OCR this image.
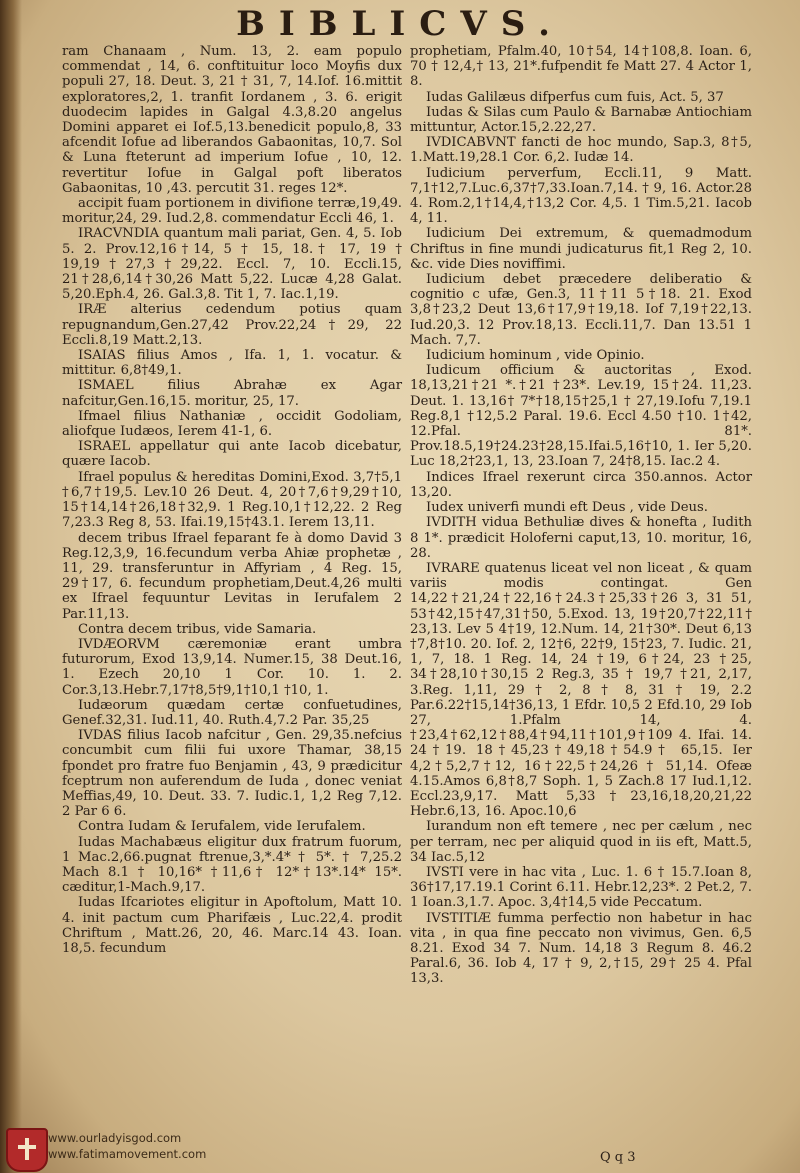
BIBLICVS.

ram Chanaam , Num. 13, 2. eam populo commendat , 14, 6. conftituitur loco Moyfis dux populi 27, 18. Deut. 3, 21 † 31, 7, 14.Iof. 16.mittit exploratores,2, 1. tranfit Iordanem , 3. 6. erigit duodecim lapides in Galgal 4.3,8.20 angelus Domini apparet ei Iof.5,13.benedicit populo,8, 33 afcendit Iofue ad liberandos Gabaonitas, 10,7. Sol & Luna fteterunt ad imperium Iofue , 10, 12. revertitur Iofue in Galgal poft liberatos Gabaonitas, 10 ,43. percutit 31. reges 12*.

accipit fuam portionem in divifione terræ,19,49. moritur,24, 29. Iud.2,8. commendatur Eccli 46, 1.

IRACVNDIA quantum mali pariat, Gen. 4, 5. Iob 5. 2. Prov.12,16†14, 5 † 15, 18.† 17, 19 † 19,19†27,3†29,22. Eccl. 7, 10. Eccli.15, 21†28,6,14†30,26 Matt 5,22. Lucæ 4,28 Galat. 5,20.Eph.4, 26. Gal.3,8. Tit 1, 7. Iac.1,19.

IRÆ alterius cedendum potius quam repugnandum,Gen.27,42 Prov.22,24†29, 22 Eccli.8,19 Matt.2,13.

ISAIAS filius Amos , Ifa. 1, 1. vocatur. & mittitur. 6,8†49,1.

ISMAEL filius Abrahæ ex Agar nafcitur,Gen.16,15. moritur, 25, 17.

Ifmael filius Nathaniæ , occidit Godoliam, aliofque Iudæos, Ierem 41-1, 6.

ISRAEL appellatur qui ante Iacob dicebatur, quære Iacob.

Ifrael populus & hereditas Domini,Exod. 3,7†5,1 †6,7†19,5. Lev.10 26 Deut. 4, 20†7,6†9,29†10, 15†14,14†26,18†32,9. 1 Reg.10,1†12,22. 2 Reg 7,23.3 Reg 8, 53. Ifai.19,15†43.1. Ierem 13,11.

decem tribus Ifrael feparant fe à domo David 3 Reg.12,3,9, 16.fecundum verba Ahiæ prophetæ , 11, 29. transferuntur in Affyriam , 4 Reg. 15, 29†17, 6. fecundum prophetiam,Deut.4,26 multi ex Ifrael fequuntur Levitas in Ierufalem 2 Par.11,13.

Contra decem tribus, vide Samaria.

IVDÆORVM cæremoniæ erant umbra futurorum, Exod 13,9,14. Numer.15, 38 Deut.16, 1. Ezech 20,10 1 Cor. 10. 1. 2. Cor.3,13.Hebr.7,17†8,5†9,1†10,1 †10, 1.

Iudæorum quædam certæ confuetudines, Genef.32,31. Iud.11, 40. Ruth.4,7.2 Par. 35,25

IVDAS filius Iacob nafcitur , Gen. 29,35.nefcius concumbit cum filii fui uxore Thamar, 38,15 fpondet pro fratre fuo Benjamin , 43, 9 prædicitur fceptrum non auferendum de Iuda , donec veniat Meffias,49, 10. Deut. 33. 7. Iudic.1, 1,2 Reg 7,12. 2 Par 6 6.

Contra Iudam & Ierufalem, vide Ierufalem.

Iudas Machabæus eligitur dux fratrum fuorum, 1 Mac.2,66.pugnat ftrenue,3,*.4* † 5*. † 7,25.2 Mach 8.1 † 10,16* †11,6† 12*†13*.14* 15*. cæditur,1-Mach.9,17.

Iudas Ifcariotes eligitur in Apoftolum, Matt 10. 4. init pactum cum Pharifæis , Luc.22,4. prodit Chriftum , Matt.26, 20, 46. Marc.14 43. Ioan. 18,5. fecundum

prophetiam, Pfalm.40, 10†54, 14†108,8. Ioan. 6, 70 † 12,4,† 13, 21*.fufpendit fe Matt 27. 4 Actor 1, 8.

Iudas Galilæus difperfus cum fuis, Act. 5, 37

Iudas & Silas cum Paulo & Barnabæ Antiochiam mittuntur, Actor.15,2.22,27.

IVDICABVNT fancti de hoc mundo, Sap.3, 8†5, 1.Matt.19,28.1 Cor. 6,2. Iudæ 14.

Iudicium perverfum, Eccli.11, 9 Matt. 7,1†12,7.Luc.6,37†7,33.Ioan.7,14. † 9, 16. Actor.28 4. Rom.2,1†14,4,†13,2 Cor. 4,5. 1 Tim.5,21. Iacob 4, 11.

Iudicium Dei extremum, & quemadmodum Chriftus in fine mundi judicaturus fit,1 Reg 2, 10. &c. vide Dies noviffimi.

Iudicium debet præcedere deliberatio & cognitio c ufæ, Gen.3, 11†11 5†18. 21. Exod 3,8†23,2 Deut 13,6†17,9†19,18. Iof 7,19†22,13. Iud.20,3. 12 Prov.18,13. Eccli.11,7. Dan 13.51 1 Mach. 7,7.

Iudicium hominum , vide Opinio.

Iudicum officium & auctoritas , Exod. 18,13,21†21 *.†21 †23*. Lev.19, 15†24. 11,23. Deut. 1. 13,16† 7*†18,15†25,1 † 27,19.Iofu 7,19.1 Reg.8,1 †12,5.2 Paral. 19.6. Eccl 4.50 †10. 1†42, 12.Pfal. 81*. Prov.18.5,19†24.23†28,15.Ifai.5,16†10, 1. Ier 5,20. Luc 18,2†23,1, 13, 23.Ioan 7, 24†8,15. Iac.2 4.

Indices Ifrael rexerunt circa 350.annos. Actor 13,20.

Iudex univerfi mundi eft Deus , vide Deus.

IVDITH vidua Bethuliæ dives & honefta , Iudith 8 1*. prædicit Holoferni caput,13, 10. moritur, 16, 28.

IVRARE quatenus liceat vel non liceat , & quam variis modis contingat. Gen 14,22†21,24†22,16†24.3†25,33†26 3, 31 51, 53†42,15†47,31†50, 5.Exod. 13, 19†20,7†22,11† 23,13. Lev 5 4†19, 12.Num. 14, 21†30*. Deut 6,13 †7,8†10. 20. Iof. 2, 12†6, 22†9, 15†23, 7. Iudic. 21, 1, 7, 18. 1 Reg. 14, 24 †19, 6†24, 23 †25, 34†28,10†30,15 2 Reg.3, 35 † 19,7 †21, 2,17, 3.Reg. 1,11, 29 † 2, 8 † 8, 31 † 19, 2.2 Par.6.22†15,14†36,13, 1 Efdr. 10,5 2 Efd.10, 29 Iob 27, 1.Pfalm 14, 4. †23,4†62,12†88,4†94,11†101,9†109 4. Ifai. 14. 24†19. 18†45,23†49,18†54.9† 65,15. Ier 4,2†5,2,7†12, 16†22,5†24,26 † 51,14. Ofeæ 4.15.Amos 6,8†8,7 Soph. 1, 5 Zach.8 17 Iud.1,12. Eccl.23,9,17. Matt 5,33†23,16,18,20,21,22 Hebr.6,13, 16. Apoc.10,6

Iurandum non eft temere , nec per cælum , nec per terram, nec per aliquid quod in iis eft, Matt.5, 34 Iac.5,12

IVSTI vere in hac vita , Luc. 1. 6 † 15.7.Ioan 8, 36†17,17.19.1 Corint 6.11. Hebr.12,23*. 2 Pet.2, 7. 1 Ioan.3,1.7. Apoc. 3,4†14,5 vide Peccatum.

IVSTITIÆ fumma perfectio non habetur in hac vita , in qua fine peccato non vivimus, Gen. 6,5 8.21. Exod 34 7. Num. 14,18 3 Regum 8. 46.2 Paral.6, 36. Iob 4, 17 † 9, 2,†15, 29† 25 4. Pfal 13,3.

Q q 3
www.ourladyisgod.com
www.fatimamovement.com
